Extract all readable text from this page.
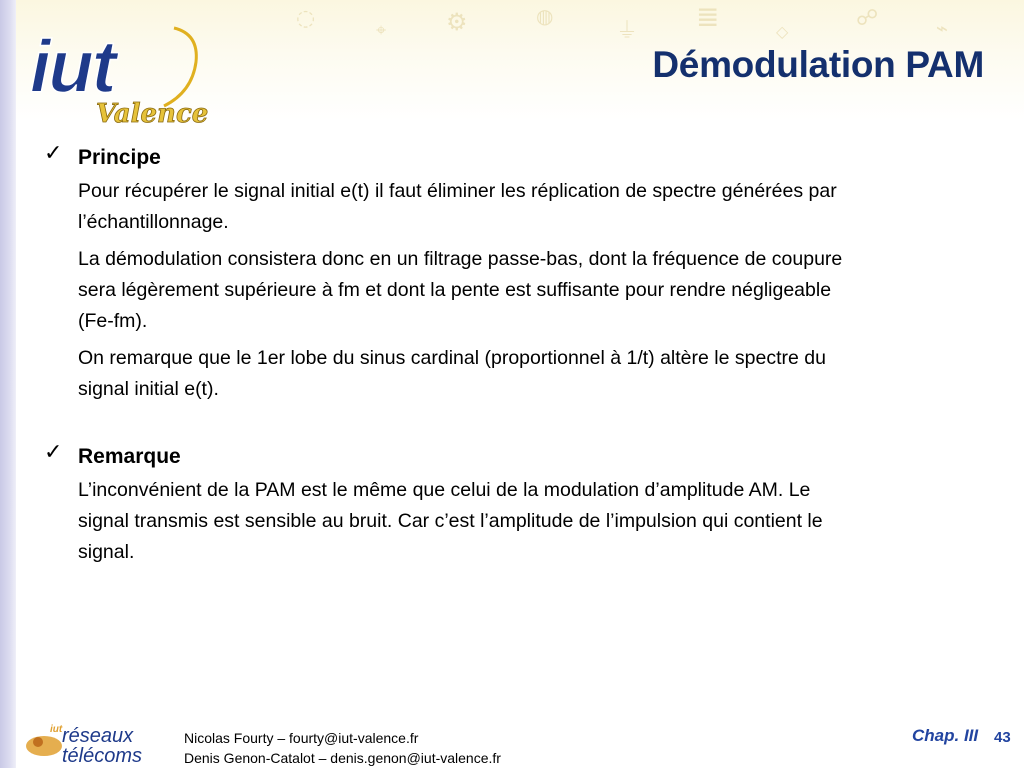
◌	⌖ ⚙	◍
⏚ ≣	◇
☍	⌁
iut
Valence
Démodulation PAM
✓ Principe

Pour récupérer le signal initial e(t) il faut éliminer les réplication de spectre générées par
l’échantillonnage.

La démodulation consistera donc en un filtrage passe-bas, dont la fréquence de coupure
sera légèrement supérieure à fm et dont la pente est suffisante pour rendre négligeable
(Fe-fm).

On remarque que le 1er lobe du sinus cardinal (proportionnel à 1/t) altère le spectre du
signal initial e(t).

✓ Remarque

L’inconvénient de la PAM est le même que celui de la modulation d’amplitude AM. Le
signal transmis est sensible au bruit. Car c’est l’amplitude de l’impulsion qui contient le
signal.

iut réseaux
télécoms
Nicolas Fourty – fourty@iut-valence.fr
Denis Genon-Catalot – denis.genon@iut-valence.fr
Chap. III 43
